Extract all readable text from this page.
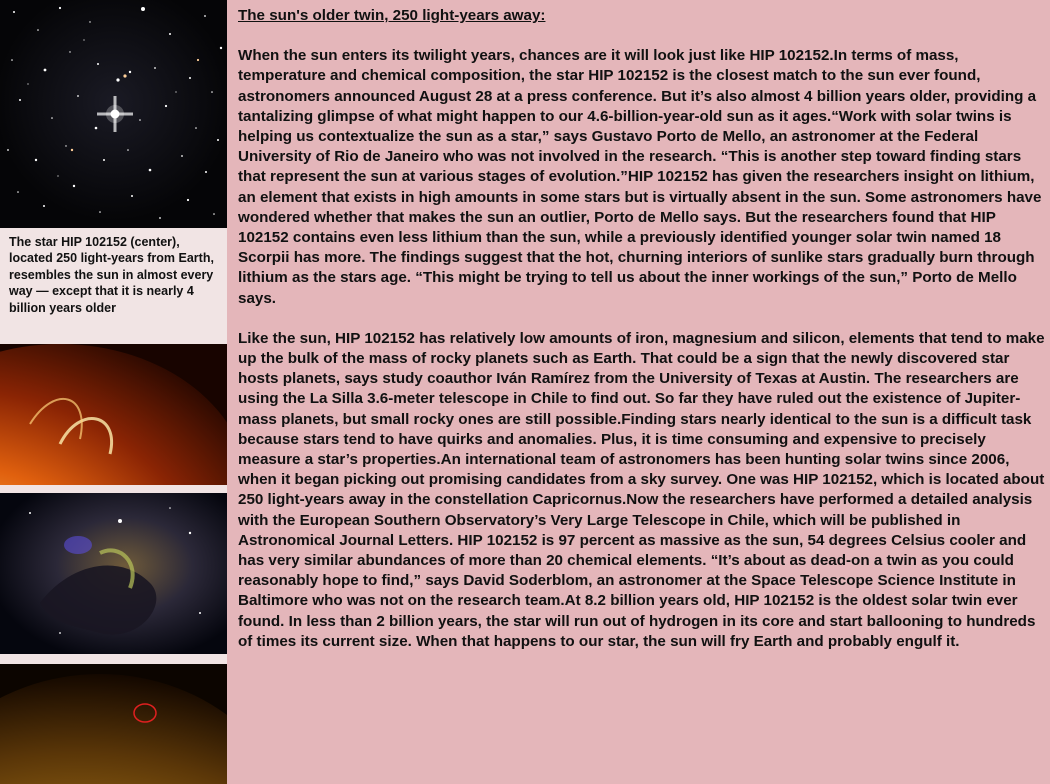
The star HIP 102152 (center), located 250 light-years from Earth, resembles the sun in almost every way — except that it is nearly 4 billion years older
The sun's older twin, 250 light-years away:
When the sun enters its twilight years, chances are it will look just like HIP 102152.In terms of mass, temperature and chemical composition, the star HIP 102152 is the closest match to the sun ever found, astronomers announced August 28 at a press conference. But it’s also almost 4 billion years older, providing a tantalizing glimpse of what might happen to our 4.6-billion-year-old sun as it ages.“Work with solar twins is helping us contextualize the sun as a star,” says Gustavo Porto de Mello, an astronomer at the Federal University of Rio de Janeiro who was not involved in the research. “This is another step toward finding stars that represent the sun at various stages of evolution.”HIP 102152 has given the researchers insight on lithium, an element that exists in high amounts in some stars but is virtually absent in the sun. Some astronomers have wondered whether that makes the sun an outlier, Porto de Mello says. But the researchers found that HIP 102152 contains even less lithium than the sun, while a previously identified younger solar twin named 18 Scorpii has more. The findings suggest that the hot, churning interiors of sunlike stars gradually burn through lithium as the stars age. “This might be trying to tell us about the inner workings of the sun,” Porto de Mello says.
Like the sun, HIP 102152 has relatively low amounts of iron, magnesium and silicon, elements that tend to make up the bulk of the mass of rocky planets such as Earth. That could be a sign that the newly discovered star hosts planets, says study coauthor Iván Ramírez from the University of Texas at Austin. The researchers are using the La Silla 3.6-meter telescope in Chile to find out. So far they have ruled out the existence of Jupiter-mass planets, but small rocky ones are still possible.Finding stars nearly identical to the sun is a difficult task because stars tend to have quirks and anomalies. Plus, it is time consuming and expensive to precisely measure a star’s properties.An international team of astronomers has been hunting solar twins since 2006, when it began picking out promising candidates from a sky survey. One was HIP 102152, which is located about 250 light-years away in the constellation Capricornus.Now the researchers have performed a detailed analysis with the European Southern Observatory’s Very Large Telescope in Chile, which will be published in Astronomical Journal Letters. HIP 102152 is 97 percent as massive as the sun, 54 degrees Celsius cooler and has very similar abundances of more than 20 chemical elements. “It’s about as dead-on a twin as you could reasonably hope to find,” says David Soderblom, an astronomer at the Space Telescope Science Institute in Baltimore who was not on the research team.At 8.2 billion years old, HIP 102152 is the oldest solar twin ever found. In less than 2 billion years, the star will run out of hydrogen in its core and start ballooning to hundreds of times its current size. When that happens to our star, the sun will fry Earth and probably engulf it.
